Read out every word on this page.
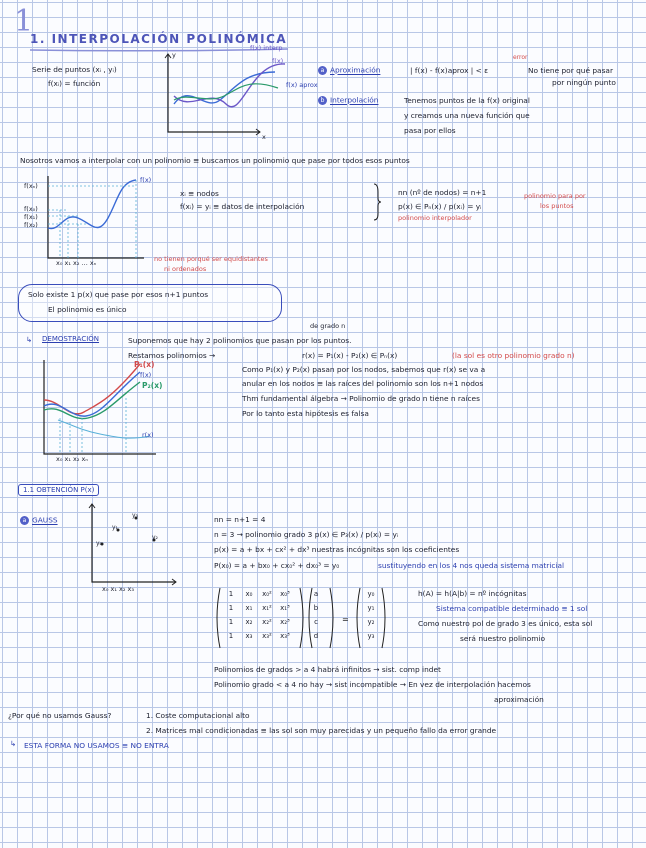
1
1. INTERPOLACIÓN POLINÓMICA
Serie de puntos (xᵢ , yᵢ)
f(xᵢ) = función
f(x) interp
f(x)
f(x) aprox
y
x
a Aproximación	| f(x) - f(x)aprox | < ε
error
No tiene por qué pasar
por ningún punto
b Interpolación	Tenemos puntos de la f(x) original
y creamos una nueva función que
pasa por ellos
Nosotros vamos a interpolar con un polinomio ≡ buscamos un polinomio que pase por todos esos puntos
f(x)
f(xₙ)
f(x₀)
f(x₁)
f(x₂)
x₀ x₁ x₂ ... xₙ	no tienen porqué ser equidistantes
ni ordenados
xᵢ ≡ nodos
f(xᵢ) = yᵢ ≡ datos de interpolación
nn (nº de nodos) = n+1
p(x) ∈ Pₙ(x) / p(xᵢ) = yᵢ
polinomio interpolador
polinomio para por
los puntos
Solo existe 1 p(x) que pase por esos n+1 puntos
El polinomio es único
↳	DEMOSTRACIÓN
de grado n
Suponemos que hay 2 polinomios que pasan por los puntos.
Restamos polinomios →	r(x) = P₁(x) - P₂(x) ∈ Pₙ(x)	(la sol es otro polinomio grado n)
Como P₁(x) y P₂(x) pasan por los nodos, sabemos que r(x) se va a
anular en los nodos ≡ las raíces del polinomio son los n+1 nodos
Thm fundamental álgebra → Polinomio de grado n tiene n raíces
Por lo tanto esta hipótesis es falsa
P₁(x)
f(x)
P₂(x)
r(x)
x₀ x₁ x₂ xₙ
1.1 OBTENCIÓN P(x)
a GAUSS
y₁
y₃
y₂
y₀
x₀ x₁ x₂ x₃
nn = n+1 = 4
n = 3 → polinomio grado 3 p(x) ∈ P₃(x) / p(xᵢ) = yᵢ
p(x) = a + bx + cx² + dx³ nuestras incógnitas son los coeficientes
P(x₀) = a + bx₀ + cx₀² + dx₀³ = y₀	sustituyendo en los 4 nos queda sistema matricial
=
h(A) = h(A|b) = nº incógnitas
Sistema compatible determinado ≡ 1 sol
Como nuestro pol de grado 3 es único, esta sol
será nuestro polinomio
Polinomios de grados > a 4 habrá infinitos → sist. comp indet
Polinomio grado < a 4 no hay → sist incompatible → En vez de interpolación hacemos
aproximación
¿Por qué no usamos Gauss?	1. Coste computacional alto
2. Matrices mal condicionadas ≡ las sol son muy parecidas y un pequeño fallo da error grande
↳ ESTA FORMA NO USAMOS ≡ NO ENTRA
1	x₀	x₀²	x₀³
1	x₁	x₁²	x₁³
1	x₂	x₂²	x₂³
1	x₃	x₃²	x₃³
a
b
c
d
y₀
y₁
y₂
y₃
